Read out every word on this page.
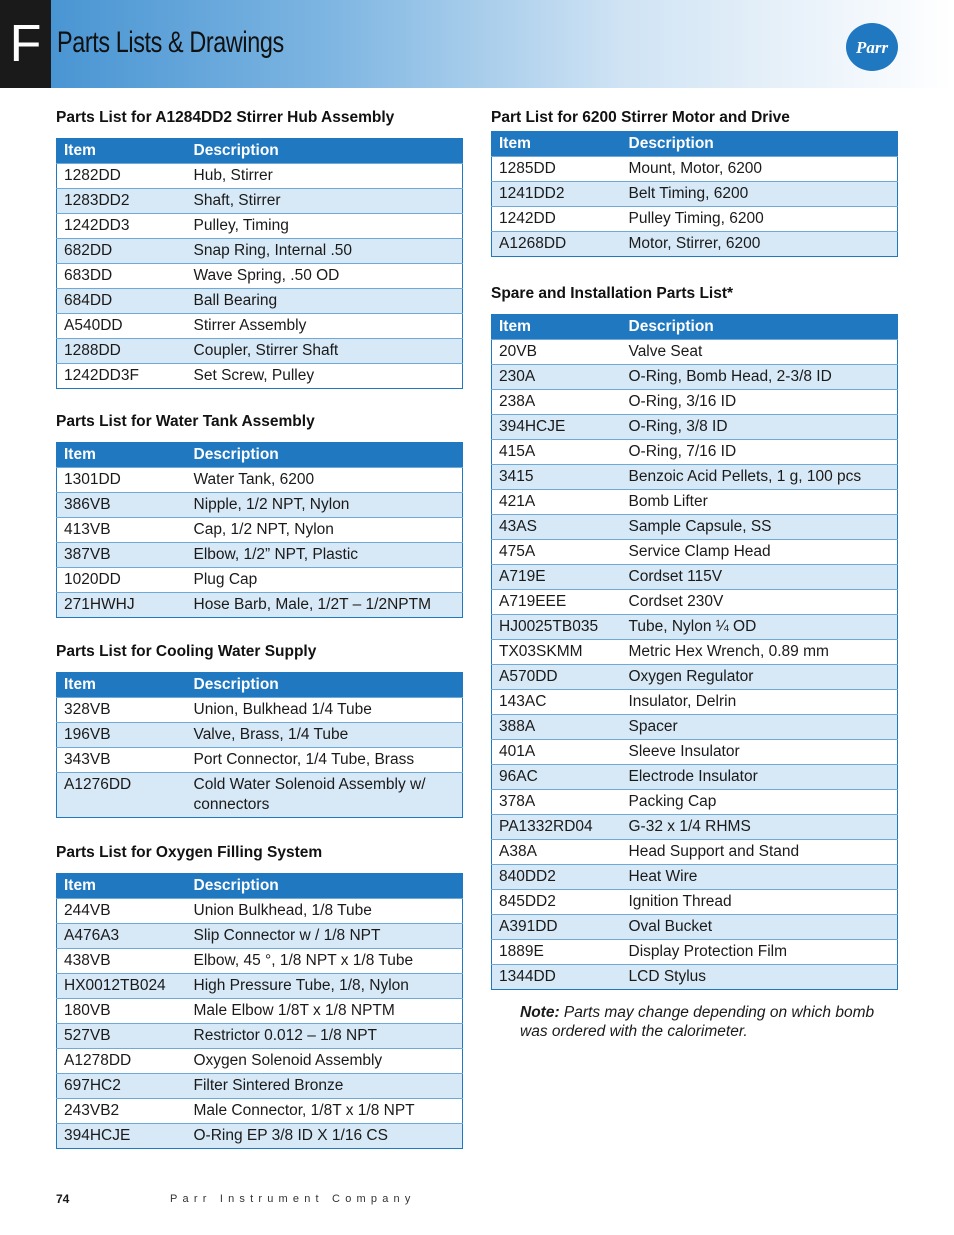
F Parts Lists & Drawings	Parr
Parts List for A1284DD2 Stirrer Hub Assembly
Item	Description
1282DD	Hub, Stirrer
1283DD2	Shaft, Stirrer
1242DD3	Pulley, Timing
682DD	Snap Ring, Internal .50
683DD	Wave Spring, .50 OD
684DD	Ball Bearing
A540DD	Stirrer Assembly
1288DD	Coupler, Stirrer Shaft
1242DD3F	Set Screw, Pulley
Parts List for Water Tank Assembly
Item	Description
1301DD	Water Tank, 6200
386VB	Nipple, 1/2 NPT, Nylon
413VB	Cap, 1/2 NPT, Nylon
387VB	Elbow, 1/2” NPT, Plastic
1020DD	Plug Cap
271HWHJ	Hose Barb, Male, 1/2T – 1/2NPTM
Parts List for Cooling Water Supply
Item	Description
328VB	Union, Bulkhead 1/4 Tube
196VB	Valve, Brass, 1/4 Tube
343VB	Port Connector, 1/4 Tube, Brass
A1276DD	Cold Water Solenoid Assembly w/ connectors
Parts List for Oxygen Filling System
Item	Description
244VB	Union Bulkhead, 1/8 Tube
A476A3	Slip Connector w / 1/8 NPT
438VB	Elbow, 45 °, 1/8 NPT x 1/8 Tube
HX0012TB024	High Pressure Tube, 1/8, Nylon
180VB	Male Elbow 1/8T x 1/8 NPTM
527VB	Restrictor 0.012 – 1/8 NPT
A1278DD	Oxygen Solenoid Assembly
697HC2	Filter Sintered Bronze
243VB2	Male Connector, 1/8T x 1/8 NPT
394HCJE	O-Ring EP 3/8 ID X 1/16 CS
Part List for 6200 Stirrer Motor and Drive
Item	Description
1285DD	Mount, Motor, 6200
1241DD2	Belt Timing, 6200
1242DD	Pulley Timing, 6200
A1268DD	Motor, Stirrer, 6200
Spare and Installation Parts List*
Item	Description
20VB	Valve Seat
230A	O-Ring, Bomb Head, 2-3/8 ID
238A	O-Ring, 3/16 ID
394HCJE	O-Ring, 3/8 ID
415A	O-Ring, 7/16 ID
3415	Benzoic Acid Pellets, 1 g, 100 pcs
421A	Bomb Lifter
43AS	Sample Capsule, SS
475A	Service Clamp Head
A719E	Cordset 115V
A719EEE	Cordset 230V
HJ0025TB035	Tube, Nylon ¼ OD
TX03SKMM	Metric Hex Wrench, 0.89 mm
A570DD	Oxygen Regulator
143AC	Insulator, Delrin
388A	Spacer
401A	Sleeve Insulator
96AC	Electrode Insulator
378A	Packing Cap
PA1332RD04	G-32 x 1/4 RHMS
A38A	Head Support and Stand
840DD2	Heat Wire
845DD2	Ignition Thread
A391DD	Oval Bucket
1889E	Display Protection Film
1344DD	LCD Stylus
Note: Parts may change depending on which bomb was ordered with the calorimeter.
74	Parr Instrument Company
